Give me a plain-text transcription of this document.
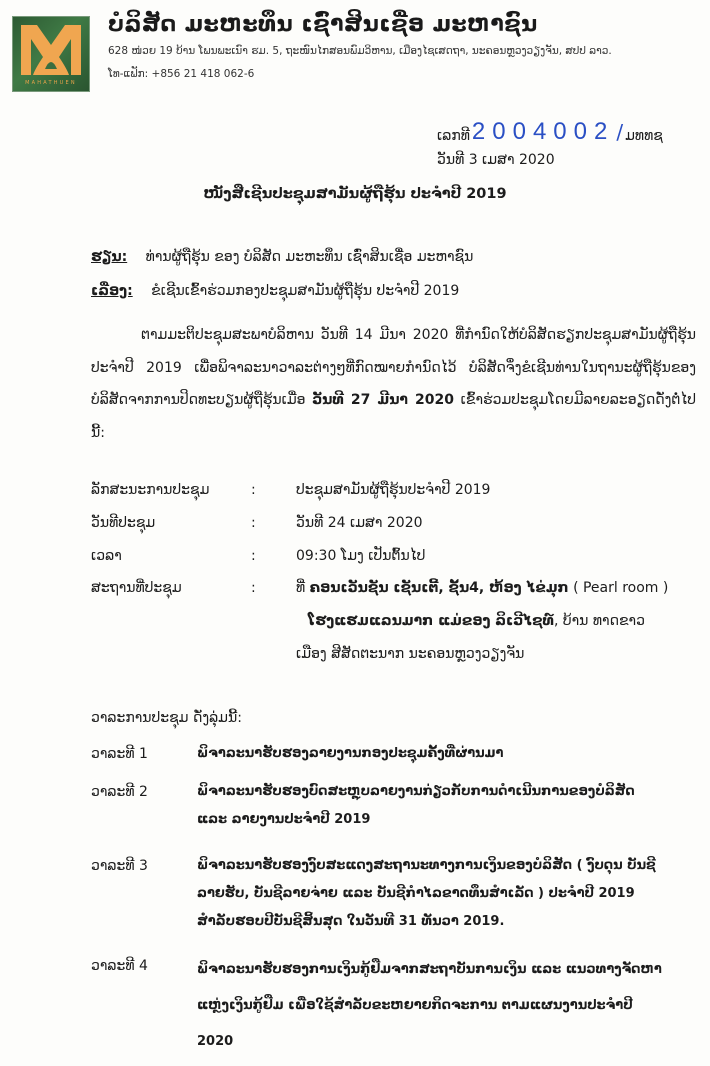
MAHATHUEN
ບໍລິສັດ ມະຫະທຶນ ເຊົ່າສິນເຊື່ອ ມະຫາຊົນ
628 ໜ່ວຍ 19 ບ້ານ ໂພນພະເນົາ ຮມ. 5, ຖະໜົນໄກສອນພົມວິຫານ, ເມືອງໄຊເສດຖາ, ນະຄອນຫຼວງວຽງຈັນ, ສປປ ລາວ.
ໂທ-ແຟັກ: +856 21 418 062-6
ເລກທີ 2004002 / ມທທຊ
ວັນທີ 3 ເມສາ 2020
ໜັງສືເຊີນປະຊຸມສາມັນຜູ້ຖືຮຸ້ນ ປະຈຳປີ 2019
ຮຽນ: ທ່ານຜູ້ຖືຮຸ້ນ ຂອງ ບໍລິສັດ ມະຫະທຶນ ເຊົ່າສິນເຊື່ອ ມະຫາຊົນ
ເລື່ອງ: ຂໍເຊີນເຂົ້າຮ່ວມກອງປະຊຸມສາມັນຜູ້ຖືຮຸ້ນ ປະຈຳປີ 2019
ຕາມມະຕິປະຊຸມສະພາບໍລິຫານ ວັນທີ 14 ມີນາ 2020 ທີ່ກຳນົດໃຫ້ບໍລິສັດຮຽກປະຊຸມສາມັນຜູ້ຖືຮຸ້ນ ປະຈຳປີ 2019 ເພື່ອພິຈາລະນາວາລະຕ່າງໆທີ່ກົດໝາຍກຳນົດໄວ້ ບໍລິສັດຈຶ່ງຂໍເຊີນທ່ານໃນຖານະຜູ້ຖືຮຸ້ນຂອງບໍລິສັດຈາກການປິດທະບຽນຜູ້ຖືຮຸ້ນເມື່ອ ວັນທີ 27 ມີນາ 2020 ເຂົ້າຮ່ວມປະຊຸມໂດຍມີລາຍລະອຽດດັ່ງຕໍ່ໄປນີ້:
ລັກສະນະການປະຊຸມ	:	ປະຊຸມສາມັນຜູ້ຖືຮຸ້ນປະຈຳປີ 2019
ວັນທີປະຊຸມ	:	ວັນທີ 24 ເມສາ 2020
ເວລາ	:	09:30 ໂມງ ເປັນຕົ້ນໄປ
ສະຖານທີ່ປະຊຸມ	:	ທີ່ ຄອນເວັນຊັນ ເຊັນເຕີ້, ຊັ້ນ4, ຫ້ອງ ໄຂ່ມຸກ ( Pearl room )
ໂຮງແຮມແລນມາກ ແມ່ຂອງ ລິເວີໄຊທ໌, ບ້ານ ທາດຂາວ
ເມືອງ ສີສັດຕະນາກ ນະຄອນຫຼວງວຽງຈັນ
ວາລະການປະຊຸມ ດັ່ງລຸ່ມນີ້:
ວາລະທີ 1	ພິຈາລະນາຮັບຮອງລາຍງານກອງປະຊຸມຄັ້ງທີ່ຜ່ານມາ
ວາລະທີ 2	ພິຈາລະນາຮັບຮອງບົດສະຫຼຸບລາຍງານກ່ຽວກັບການດຳເນີນການຂອງບໍລິສັດ ແລະ ລາຍງານປະຈຳປີ 2019
ວາລະທີ 3	ພິຈາລະນາຮັບຮອງງົບສະແດງສະຖານະທາງການເງິນຂອງບໍລິສັດ ( ງົບດຸນ ບັນຊີລາຍຮັບ, ບັນຊີລາຍຈ່າຍ ແລະ ບັນຊີກຳໄລຂາດທຶນສຳເລັດ ) ປະຈຳປີ 2019 ສຳລັບຮອບປີບັນຊີສິ້ນສຸດ ໃນວັນທີ 31 ທັນວາ 2019.
ວາລະທີ 4	ພິຈາລະນາຮັບຮອງການເງິນກູ້ຢືມຈາກສະຖາບັນການເງິນ ແລະ ແນວທາງຈັດຫາແຫຼ່ງເງິນກູ້ຢືມ ເພື່ອໃຊ້ສຳລັບຂະຫຍາຍກິດຈະການ ຕາມແຜນງານປະຈຳປີ 2020
